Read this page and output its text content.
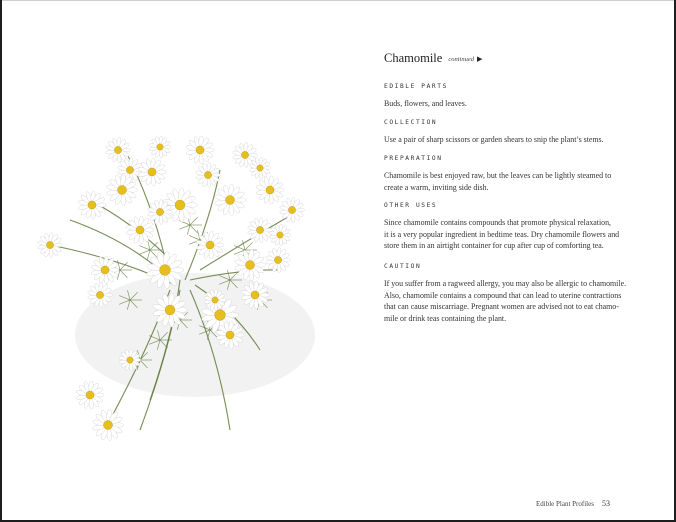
Chamomile continued ▶
EDIBLE PARTS
Buds, flowers, and leaves.
COLLECTION
Use a pair of sharp scissors or garden shears to snip the plant’s stems.
PREPARATION
Chamomile is best enjoyed raw, but the leaves can be lightly steamed to
create a warm, inviting side dish.
OTHER USES
Since chamomile contains compounds that promote physical relaxation,
it is a very popular ingredient in bedtime teas. Dry chamomile flowers and
store them in an airtight container for cup after cup of comforting tea.
CAUTION
If you suffer from a ragweed allergy, you may also be allergic to chamomile.
Also, chamomile contains a compound that can lead to uterine contractions
that can cause miscarriage. Pregnant women are advised not to eat chamo-
mile or drink teas containing the plant.
Edible Plant Profiles 53
